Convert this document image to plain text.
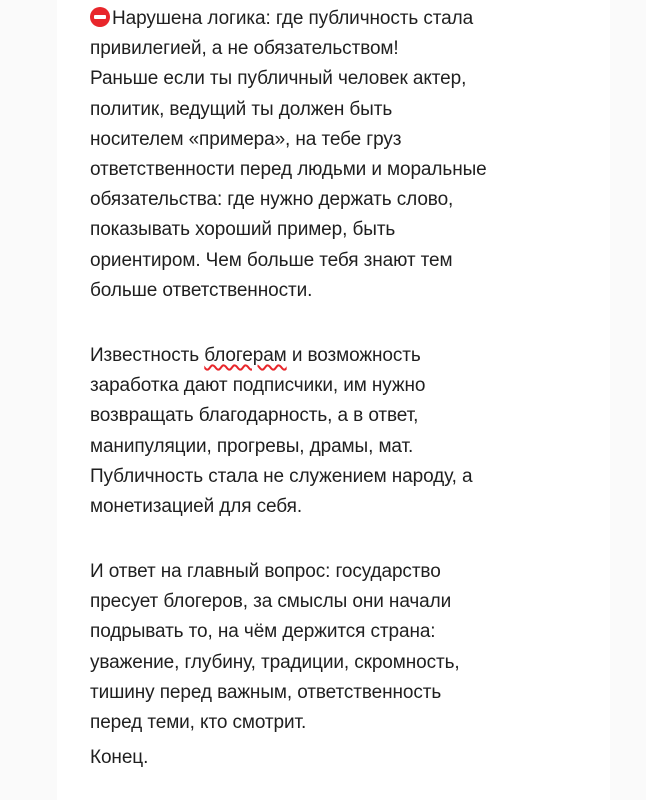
Нарушена логика: где публичность стала
привилегией, а не обязательством!
Раньше если ты публичный человек актер,
политик, ведущий ты должен быть
носителем «примера», на тебе груз
ответственности перед людьми и моральные
обязательства: где нужно держать слово,
показывать хороший пример, быть
ориентиром. Чем больше тебя знают тем
больше ответственности.

Известность блогерам и возможность
заработка дают подписчики, им нужно
возвращать благодарность, а в ответ,
манипуляции, прогревы, драмы, мат.
Публичность стала не служением народу, а
монетизацией для себя.

И ответ на главный вопрос: государство
пресует блогеров, за смыслы они начали
подрывать то, на чём держится страна:
уважение, глубину, традиции, скромность,
тишину перед важным, ответственность
перед теми, кто смотрит.

Конец.
